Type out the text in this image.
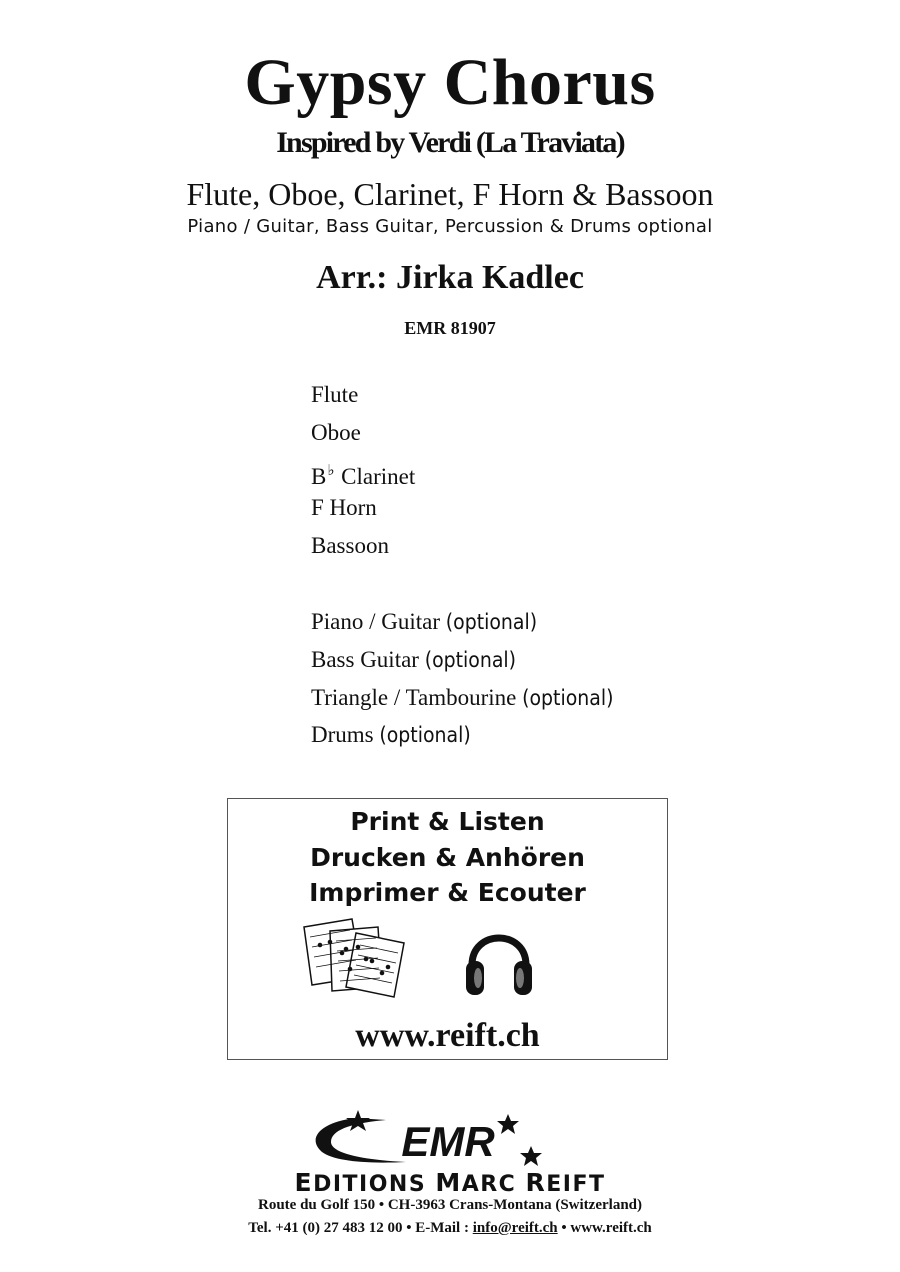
Gypsy Chorus
Inspired by Verdi (La Traviata)
Flute, Oboe, Clarinet, F Horn & Bassoon
Piano / Guitar, Bass Guitar, Percussion & Drums optional
Arr.: Jirka Kadlec
EMR 81907
Flute
Oboe
B♭ Clarinet
F Horn
Bassoon
Piano / Guitar (optional)
Bass Guitar (optional)
Triangle / Tambourine (optional)
Drums (optional)
Print & Listen
Drucken & Anhören
Imprimer & Ecouter
www.reift.ch
EMR
EDITIONS MARC REIFT
Route du Golf 150 • CH-3963 Crans-Montana (Switzerland)
Tel. +41 (0) 27 483 12 00 • E-Mail : info@reift.ch • www.reift.ch
